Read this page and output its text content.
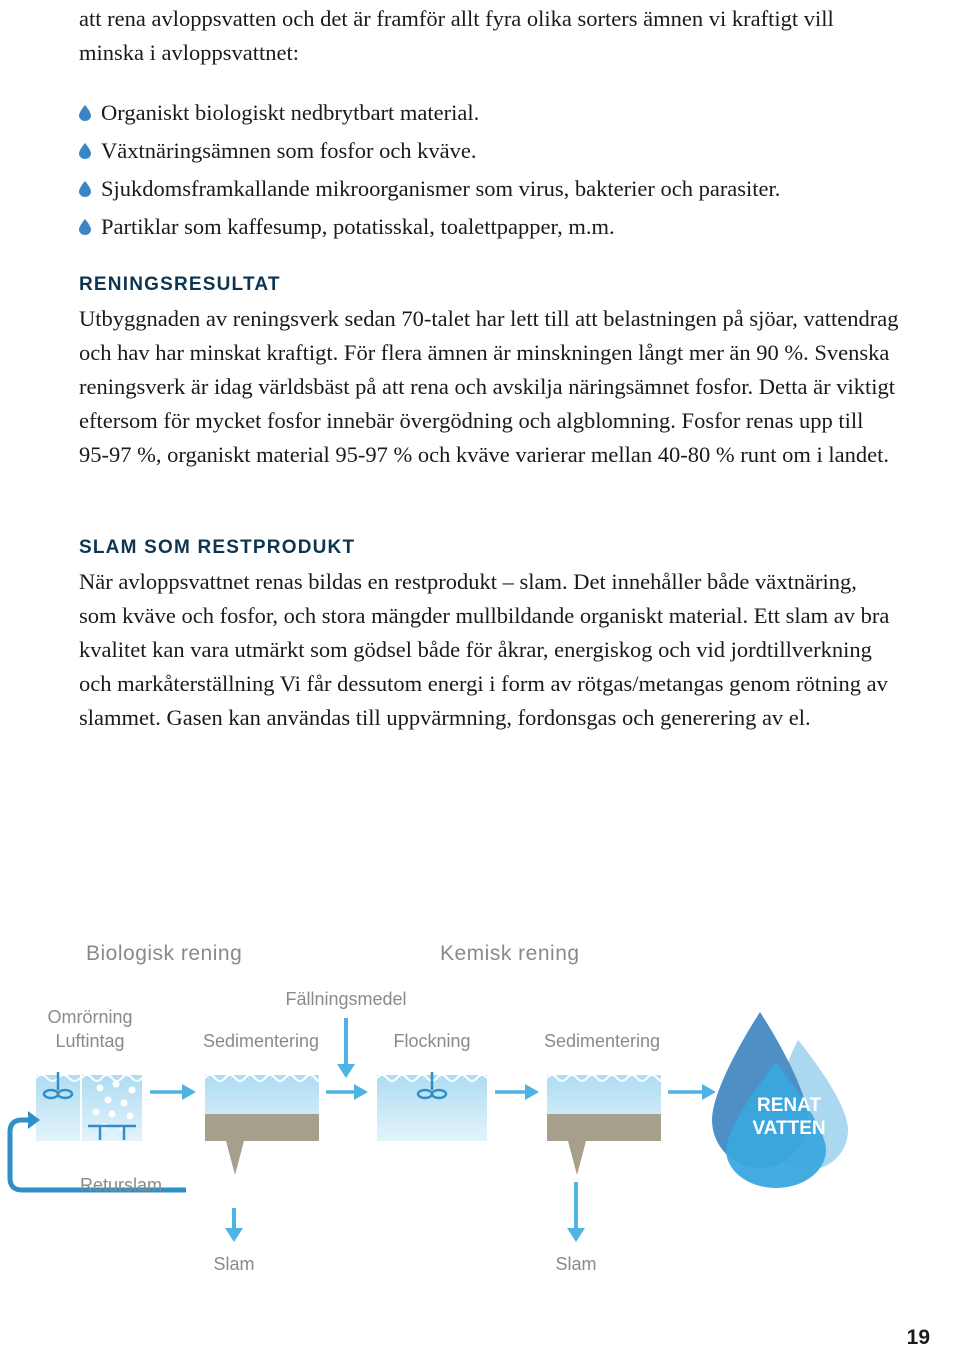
att rena avloppsvatten och det är framför allt fyra olika sorters ämnen vi kraftigt vill minska i avloppsvattnet:

Organiskt biologiskt nedbrytbart material.
Växtnäringsämnen som fosfor och kväve.
Sjukdomsframkallande mikroorganismer som virus, bakterier och parasiter.
Partiklar som kaffesump, potatisskal, toalettpapper, m.m.
RENINGSRESULTAT

Utbyggnaden av reningsverk sedan 70-talet har lett till att belastningen på sjöar, vattendrag och hav har minskat kraftigt. För flera ämnen är minskningen långt mer än 90 %. Svenska reningsverk är idag världsbäst på att rena och avskilja näringsämnet fosfor. Detta är viktigt eftersom för mycket fosfor innebär övergödning och algblomning. Fosfor renas upp till 95-97 %, organiskt material 95-97 % och kväve varierar mellan 40-80 % runt om i landet.

SLAM SOM RESTPRODUKT

När avloppsvattnet renas bildas en restprodukt – slam. Det innehåller både växtnäring, som kväve och fosfor, och stora mängder mullbildande organiskt material. Ett slam av bra kvalitet kan vara utmärkt som gödsel både för åkrar, energiskog och vid jordtillverkning och markåterställning Vi får dessutom energi i form av rötgas/metangas genom rötning av slammet. Gasen kan användas till uppvärmning, fordonsgas och generering av el.

Biologisk rening	Kemisk rening
Omrörning
Luftintag	Sedimentering
Fällningsmedel
Flockning	Sedimentering
Returslam
Slam	Slam
RENAT
VATTEN
19
